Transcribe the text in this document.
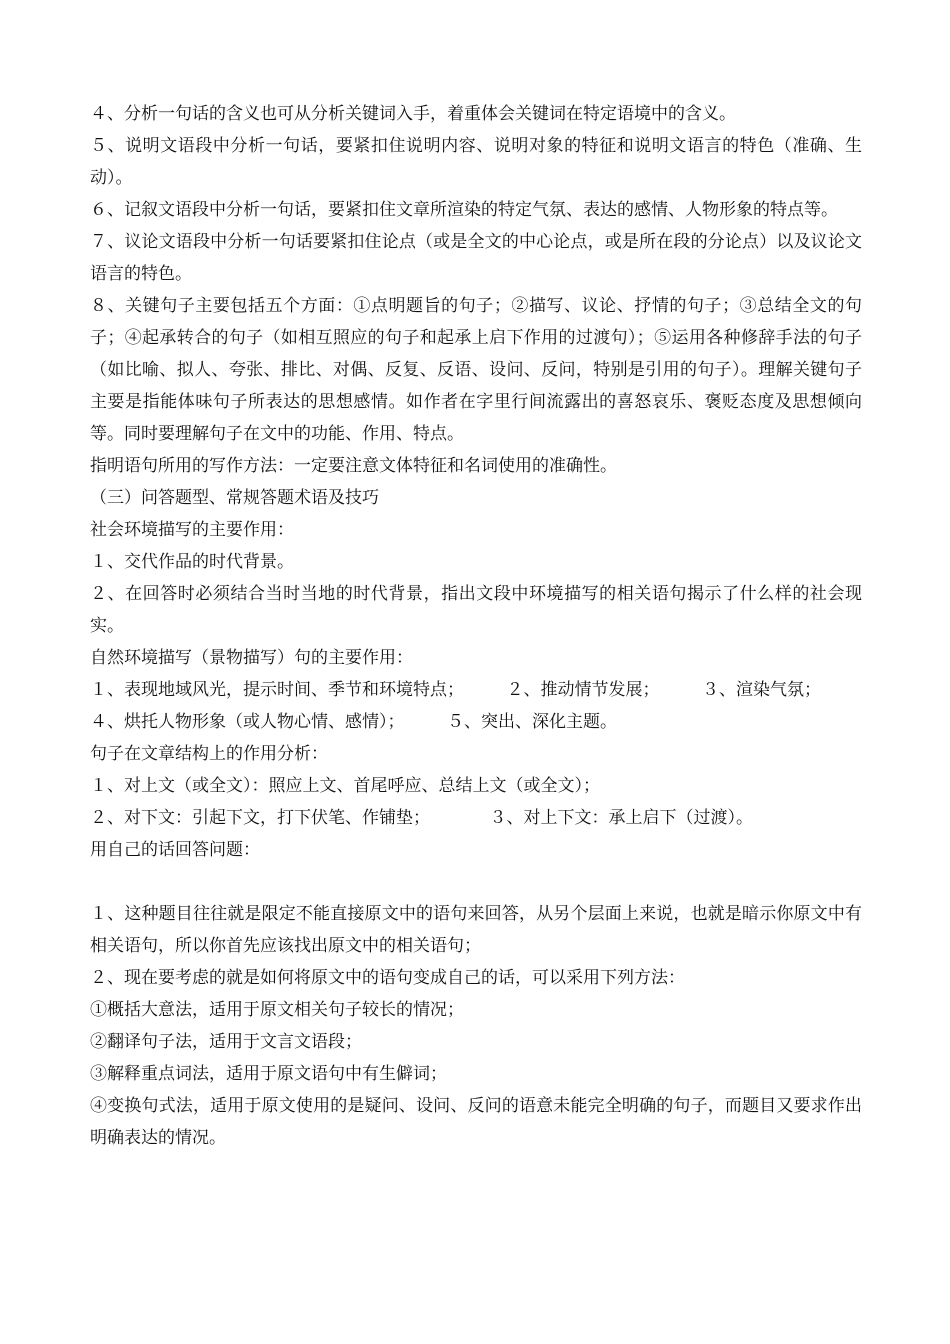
４、分析一句话的含义也可从分析关键词入手，着重体会关键词在特定语境中的含义。

５、说明文语段中分析一句话，要紧扣住说明内容、说明对象的特征和说明文语言的特色（准确、生动）。

６、记叙文语段中分析一句话，要紧扣住文章所渲染的特定气氛、表达的感情、人物形象的特点等。

７、议论文语段中分析一句话要紧扣住论点（或是全文的中心论点，或是所在段的分论点）以及议论文语言的特色。

８、关键句子主要包括五个方面：①点明题旨的句子；②描写、议论、抒情的句子；③总结全文的句子；④起承转合的句子（如相互照应的句子和起承上启下作用的过渡句）；⑤运用各种修辞手法的句子（如比喻、拟人、夸张、排比、对偶、反复、反语、设问、反问，特别是引用的句子）。理解关键句子主要是指能体味句子所表达的思想感情。如作者在字里行间流露出的喜怒哀乐、褒贬态度及思想倾向等。同时要理解句子在文中的功能、作用、特点。

指明语句所用的写作方法：一定要注意文体特征和名词使用的准确性。

（三）问答题型、常规答题术语及技巧

社会环境描写的主要作用：

１、交代作品的时代背景。

２、在回答时必须结合当时当地的时代背景，指出文段中环境描写的相关语句揭示了什么样的社会现实。

自然环境描写（景物描写）句的主要作用：

１、表现地域风光，提示时间、季节和环境特点；　　　２、推动情节发展；　　　３、渲染气氛；

４、烘托人物形象（或人物心情、感情）；　　　５、突出、深化主题。

句子在文章结构上的作用分析：

１、对上文（或全文）：照应上文、首尾呼应、总结上文（或全文）；

２、对下文：引起下文，打下伏笔、作铺垫；　　　　３、对上下文：承上启下（过渡）。

用自己的话回答问题：

１、这种题目往往就是限定不能直接原文中的语句来回答，从另个层面上来说，也就是暗示你原文中有相关语句，所以你首先应该找出原文中的相关语句；

２、现在要考虑的就是如何将原文中的语句变成自己的话，可以采用下列方法：

①概括大意法，适用于原文相关句子较长的情况；

②翻译句子法，适用于文言文语段；

③解释重点词法，适用于原文语句中有生僻词；

④变换句式法，适用于原文使用的是疑问、设问、反问的语意未能完全明确的句子，而题目又要求作出明确表达的情况。
